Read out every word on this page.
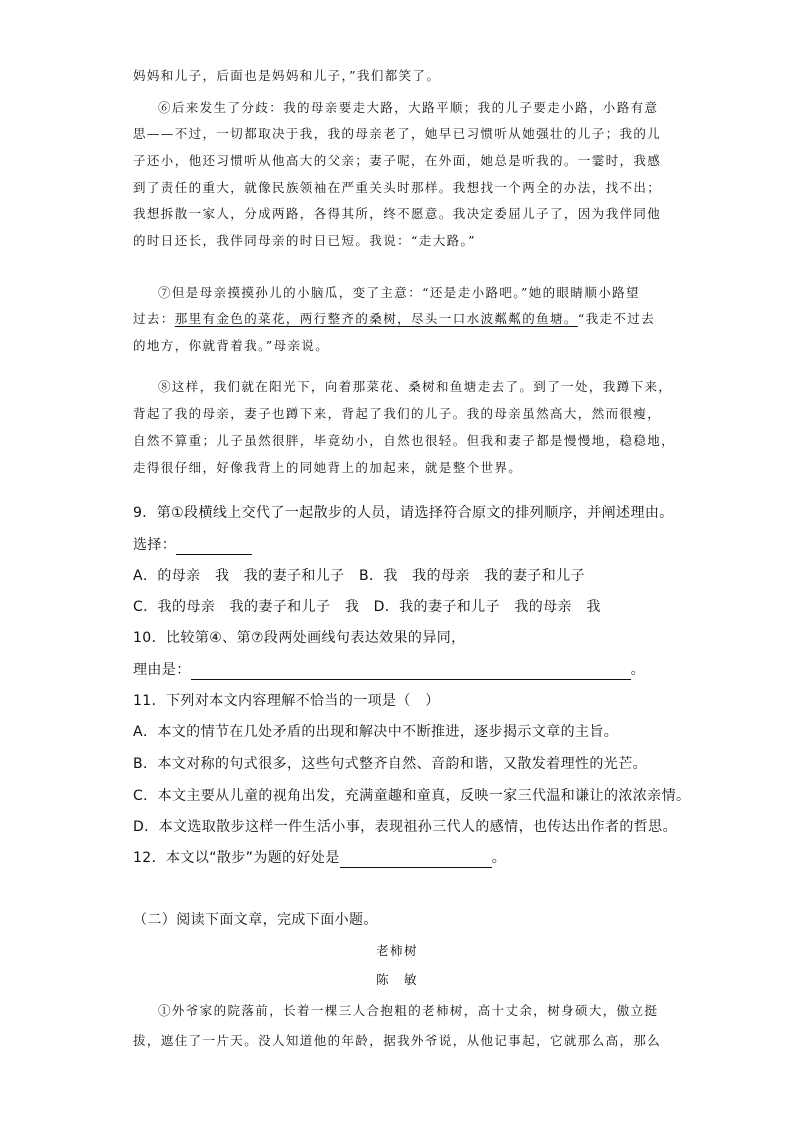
妈妈和儿子，后面也是妈妈和儿子，”我们都笑了。
⑥后来发生了分歧：我的母亲要走大路，大路平顺；我的儿子要走小路，小路有意
思——不过，一切都取决于我，我的母亲老了，她早已习惯听从她强壮的儿子；我的儿
子还小，他还习惯听从他高大的父亲；妻子呢，在外面，她总是听我的。一霎时，我感
到了责任的重大，就像民族领袖在严重关头时那样。我想找一个两全的办法，找不出；
我想拆散一家人，分成两路，各得其所，终不愿意。我决定委屈儿子了，因为我伴同他
的时日还长，我伴同母亲的时日已短。我说：“走大路。”
⑦但是母亲摸摸孙儿的小脑瓜，变了主意：“还是走小路吧。”她的眼睛顺小路望
过去：那里有金色的菜花，两行整齐的桑树，尽头一口水波粼粼的鱼塘。“我走不过去
的地方，你就背着我。”母亲说。
⑧这样，我们就在阳光下，向着那菜花、桑树和鱼塘走去了。到了一处，我蹲下来，
背起了我的母亲，妻子也蹲下来，背起了我们的儿子。我的母亲虽然高大，然而很瘦，
自然不算重；儿子虽然很胖，毕竟幼小，自然也很轻。但我和妻子都是慢慢地，稳稳地，
走得很仔细，好像我背上的同她背上的加起来，就是整个世界。
9．第①段横线上交代了一起散步的人员，请选择符合原文的排列顺序，并阐述理由。
选择：
A．的母亲　我　我的妻子和儿子　B．我　我的母亲　我的妻子和儿子
C．我的母亲　我的妻子和儿子　我　D．我的妻子和儿子　我的母亲　我
10．比较第④、第⑦段两处画线句表达效果的异同，
理由是：	。
11．下列对本文内容理解不恰当的一项是（　）
A．本文的情节在几处矛盾的出现和解决中不断推进，逐步揭示文章的主旨。
B．本文对称的句式很多，这些句式整齐自然、音韵和谐，又散发着理性的光芒。
C．本文主要从儿童的视角出发，充满童趣和童真，反映一家三代温和谦让的浓浓亲情。
D．本文选取散步这样一件生活小事，表现祖孙三代人的感情，也传达出作者的哲思。
12．本文以“散步”为题的好处是	。
（二）阅读下面文章，完成下面小题。
老柿树
陈　敏
①外爷家的院落前，长着一棵三人合抱粗的老柿树，高十丈余，树身硕大，傲立挺
拔，遮住了一片天。没人知道他的年龄，据我外爷说，从他记事起，它就那么高，那么
